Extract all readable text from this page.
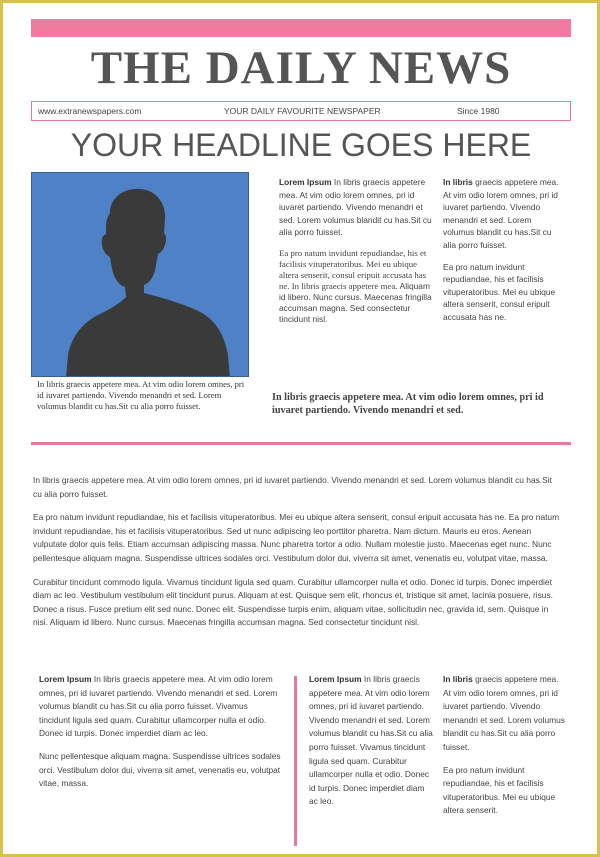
THE DAILY NEWS
www.extranewspapers.com	YOUR DAILY FAVOURITE NEWSPAPER	Since 1980
YOUR HEADLINE GOES HERE
In libris graecis appetere mea. At vim odio lorem omnes, pri id iuvaret partiendo. Vivendo menandri et sed. Lorem volumus blandit cu has.Sit cu alia porro fuisset.

Lorem Ipsum In libris graecis appetere mea. At vim odio lorem omnes, pri id iuvaret partiendo. Vivendo menandri et sed. Lorem volumus blandit cu has.Sit cu alia porro fuisset.

Ea pro natum invidunt repudiandae, his et facilisis vituperatoribus. Mei eu ubique altera senserit, consul eripuit accusata has ne. In libris graecis appetere mea. Aliquam id libero. Nunc cursus. Maecenas fringilla accumsan magna. Sed consectetur tincidunt nisl.

In libris graecis appetere mea. At vim odio lorem omnes, pri id iuvaret partiendo. Vivendo menandri et sed. Lorem volumus blandit cu has.Sit cu alia porro fuisset.

Ea pro natum invidunt repudiandae, his et facilisis vituperatoribus. Mei eu ubique altera senserit, consul eripuit accusata has ne.

In libris graecis appetere mea. At vim odio lorem omnes, pri id iuvaret partiendo. Vivendo menandri et sed.

In libris graecis appetere mea. At vim odio lorem omnes, pri id iuvaret partiendo. Vivendo menandri et sed. Lorem volumus blandit cu has.Sit cu alia porro fuisset.

Ea pro natum invidunt repudiandae, his et facilisis vituperatoribus. Mei eu ubique altera senserit, consul eripuit accusata has ne. Ea pro natum invidunt repudiandae, his et facilisis vituperatoribus. Sed ut nunc adipiscing leo porttitor pharetra. Nam dictum. Mauris eu eros. Aenean vulputate dolor quis felis. Etiam accumsan adipiscing massa. Nunc pharetra tortor a odio. Nullam molestie justo. Maecenas eget nunc. Nunc pellentesque aliquam magna. Suspendisse ultrices sodales orci. Vestibulum dolor dui, viverra sit amet, venenatis eu, volutpat vitae, massa.

Curabitur tincidunt commodo ligula. Vivamus tincidunt ligula sed quam. Curabitur ullamcorper nulla et odio. Donec id turpis. Donec imperdiet diam ac leo. Vestibulum vestibulum elit tincidunt purus. Aliquam at est. Quisque sem elit, rhoncus et, tristique sit amet, lacinia posuere, risus. Donec a risus. Fusce pretium elit sed nunc. Donec elit. Suspendisse turpis enim, aliquam vitae, sollicitudin nec, gravida id, sem. Quisque in nisi. Aliquam id libero. Nunc cursus. Maecenas fringilla accumsan magna. Sed consectetur tincidunt nisl.

Lorem Ipsum In libris graecis appetere mea. At vim odio lorem omnes, pri id iuvaret partiendo. Vivendo menandri et sed. Lorem volumus blandit cu has.Sit cu alia porro fuisset. Vivamus tincidunt ligula sed quam. Curabitur ullamcorper nulla et odio. Donec id turpis. Donec imperdiet diam ac leo.

Nunc pellentesque aliquam magna. Suspendisse ultrices sodales orci. Vestibulum dolor dui, viverra sit amet, venenatis eu, volutpat vitae, massa.

Lorem Ipsum In libris graecis appetere mea. At vim odio lorem omnes, pri id iuvaret partiendo. Vivendo menandri et sed. Lorem volumus blandit cu has.Sit cu alia porro fuisset. Vivamus tincidunt ligula sed quam. Curabitur ullamcorper nulla et odio. Donec id turpis. Donec imperdiet diam ac leo.

In libris graecis appetere mea. At vim odio lorem omnes, pri id iuvaret partiendo. Vivendo menandri et sed. Lorem volumus blandit cu has.Sit cu alia porro fuisset.

Ea pro natum invidunt repudiandae, his et facilisis vituperatoribus. Mei eu ubique altera senserit.
